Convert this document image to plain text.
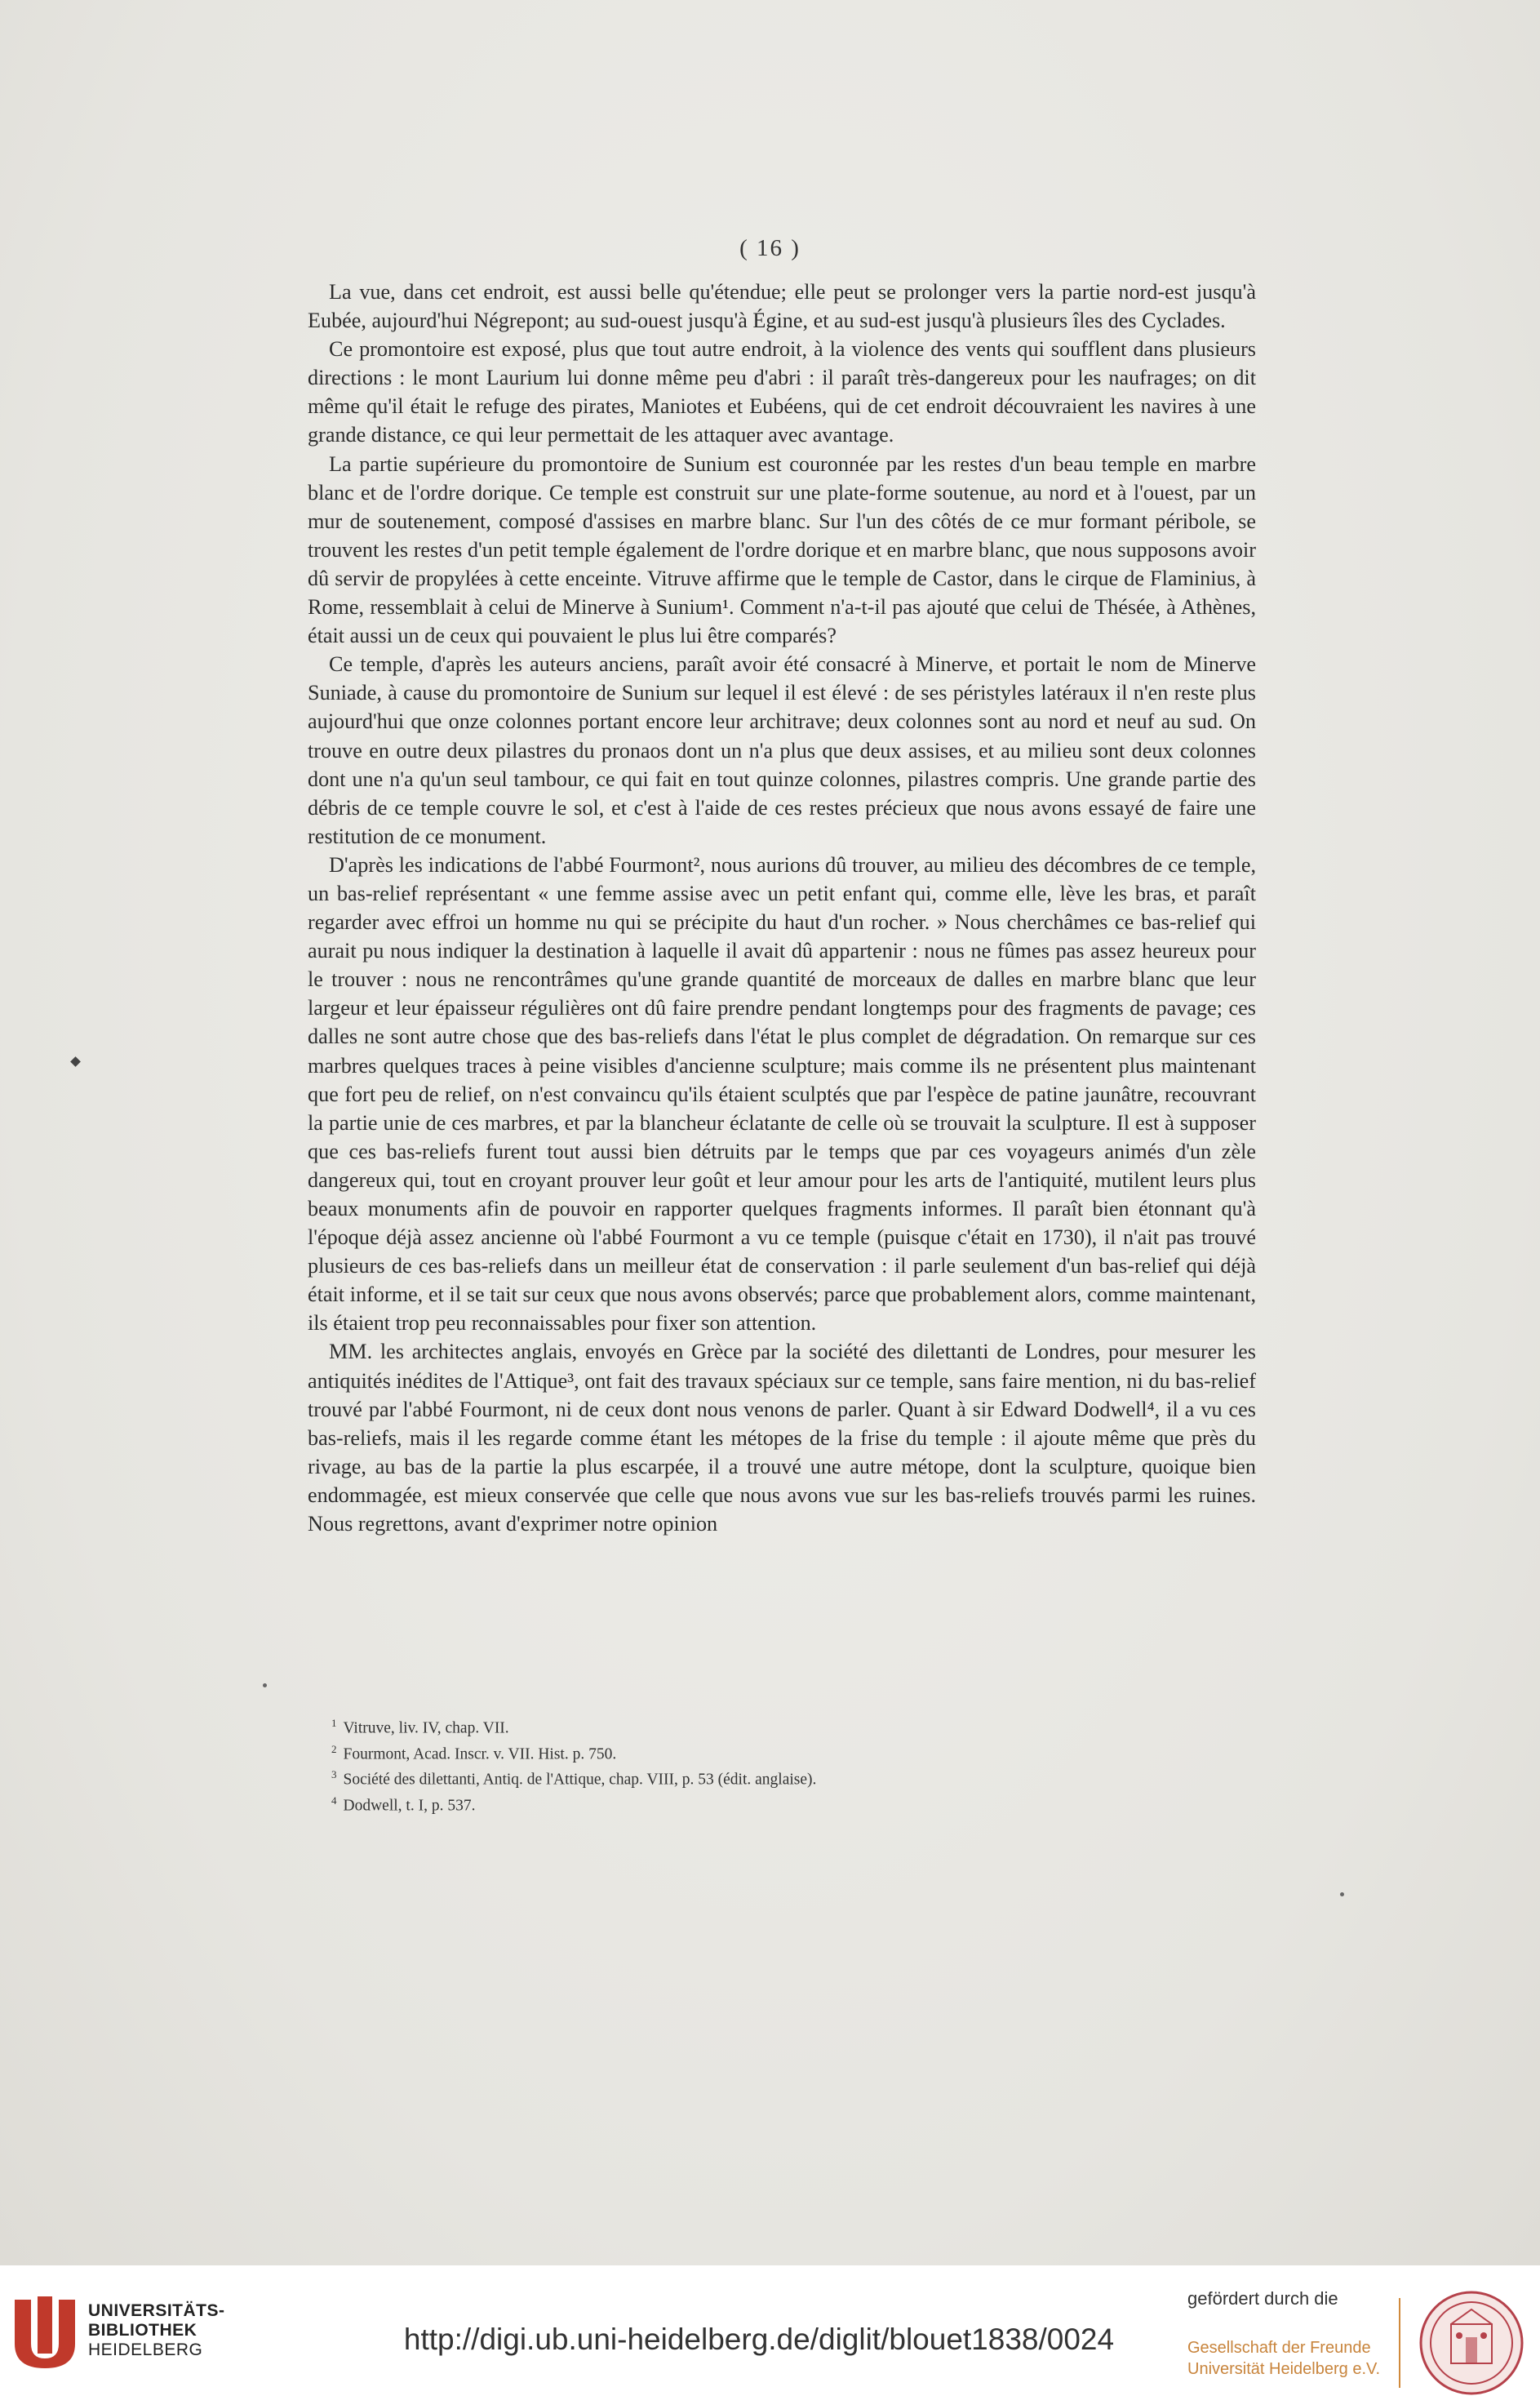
( 16 )

La vue, dans cet endroit, est aussi belle qu'étendue; elle peut se prolonger vers la partie nord-est jusqu'à Eubée, aujourd'hui Négrepont; au sud-ouest jusqu'à Égine, et au sud-est jusqu'à plusieurs îles des Cyclades.

Ce promontoire est exposé, plus que tout autre endroit, à la violence des vents qui soufflent dans plusieurs directions : le mont Laurium lui donne même peu d'abri : il paraît très-dangereux pour les naufrages; on dit même qu'il était le refuge des pirates, Maniotes et Eubéens, qui de cet endroit découvraient les navires à une grande distance, ce qui leur permettait de les attaquer avec avantage.

La partie supérieure du promontoire de Sunium est couronnée par les restes d'un beau temple en marbre blanc et de l'ordre dorique. Ce temple est construit sur une plate-forme soutenue, au nord et à l'ouest, par un mur de soutenement, composé d'assises en marbre blanc. Sur l'un des côtés de ce mur formant péribole, se trouvent les restes d'un petit temple également de l'ordre dorique et en marbre blanc, que nous supposons avoir dû servir de propylées à cette enceinte. Vitruve affirme que le temple de Castor, dans le cirque de Flaminius, à Rome, ressemblait à celui de Minerve à Sunium¹. Comment n'a-t-il pas ajouté que celui de Thésée, à Athènes, était aussi un de ceux qui pouvaient le plus lui être comparés?

Ce temple, d'après les auteurs anciens, paraît avoir été consacré à Minerve, et portait le nom de Minerve Suniade, à cause du promontoire de Sunium sur lequel il est élevé : de ses péristyles latéraux il n'en reste plus aujourd'hui que onze colonnes portant encore leur architrave; deux colonnes sont au nord et neuf au sud. On trouve en outre deux pilastres du pronaos dont un n'a plus que deux assises, et au milieu sont deux colonnes dont une n'a qu'un seul tambour, ce qui fait en tout quinze colonnes, pilastres compris. Une grande partie des débris de ce temple couvre le sol, et c'est à l'aide de ces restes précieux que nous avons essayé de faire une restitution de ce monument.

D'après les indications de l'abbé Fourmont², nous aurions dû trouver, au milieu des décombres de ce temple, un bas-relief représentant « une femme assise avec un petit enfant qui, comme elle, lève les bras, et paraît regarder avec effroi un homme nu qui se précipite du haut d'un rocher. » Nous cherchâmes ce bas-relief qui aurait pu nous indiquer la destination à laquelle il avait dû appartenir : nous ne fûmes pas assez heureux pour le trouver : nous ne rencontrâmes qu'une grande quantité de morceaux de dalles en marbre blanc que leur largeur et leur épaisseur régulières ont dû faire prendre pendant longtemps pour des fragments de pavage; ces dalles ne sont autre chose que des bas-reliefs dans l'état le plus complet de dégradation. On remarque sur ces marbres quelques traces à peine visibles d'ancienne sculpture; mais comme ils ne présentent plus maintenant que fort peu de relief, on n'est convaincu qu'ils étaient sculptés que par l'espèce de patine jaunâtre, recouvrant la partie unie de ces marbres, et par la blancheur éclatante de celle où se trouvait la sculpture. Il est à supposer que ces bas-reliefs furent tout aussi bien détruits par le temps que par ces voyageurs animés d'un zèle dangereux qui, tout en croyant prouver leur goût et leur amour pour les arts de l'antiquité, mutilent leurs plus beaux monuments afin de pouvoir en rapporter quelques fragments informes. Il paraît bien étonnant qu'à l'époque déjà assez ancienne où l'abbé Fourmont a vu ce temple (puisque c'était en 1730), il n'ait pas trouvé plusieurs de ces bas-reliefs dans un meilleur état de conservation : il parle seulement d'un bas-relief qui déjà était informe, et il se tait sur ceux que nous avons observés; parce que probablement alors, comme maintenant, ils étaient trop peu reconnaissables pour fixer son attention.

MM. les architectes anglais, envoyés en Grèce par la société des dilettanti de Londres, pour mesurer les antiquités inédites de l'Attique³, ont fait des travaux spéciaux sur ce temple, sans faire mention, ni du bas-relief trouvé par l'abbé Fourmont, ni de ceux dont nous venons de parler. Quant à sir Edward Dodwell⁴, il a vu ces bas-reliefs, mais il les regarde comme étant les métopes de la frise du temple : il ajoute même que près du rivage, au bas de la partie la plus escarpée, il a trouvé une autre métope, dont la sculpture, quoique bien endommagée, est mieux conservée que celle que nous avons vue sur les bas-reliefs trouvés parmi les ruines. Nous regrettons, avant d'exprimer notre opinion

$^1$ Vitruve, liv. IV, chap. VII.
$^2$ Fourmont, Acad. Inscr. v. VII. Hist. p. 750.
$^3$ Société des dilettanti, Antiq. de l'Attique, chap. VIII, p. 53 (édit. anglaise).
$^4$ Dodwell, t. I, p. 537.
UNIVERSITÄTS-
BIBLIOTHEK
HEIDELBERG	http://digi.ub.uni-heidelberg.de/diglit/blouet1838/0024
gefördert durch die
Gesellschaft der Freunde
Universität Heidelberg e.V.
